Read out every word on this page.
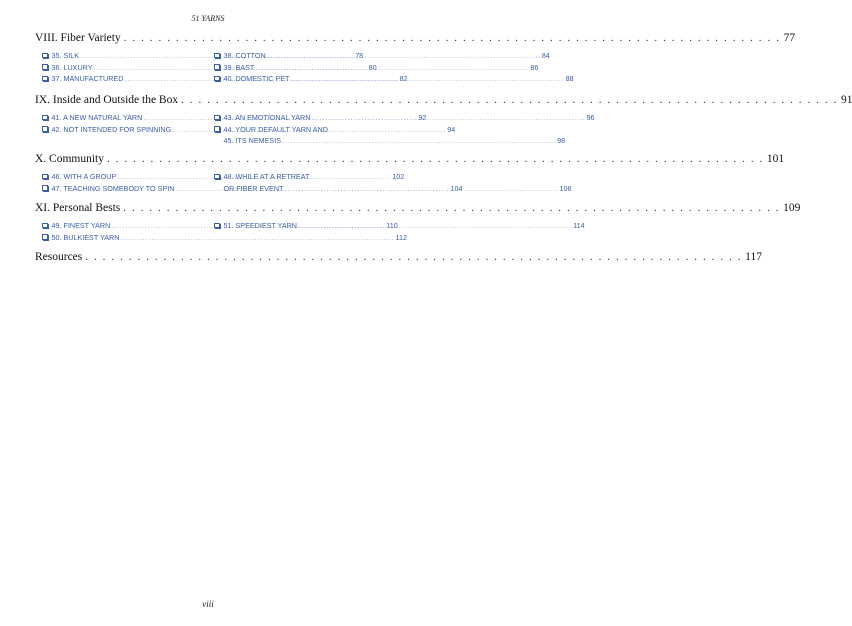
51 YARNS
VIII. Fiber Variety . . .	77
35. SILK .....	78
36. LUXURY .....	80
37. MANUFACTURED .....	82
38. COTTON .....	84
39. BAST .....	86
40. DOMESTIC PET .....	88
IX. Inside and Outside the Box . . .	91
41. A NEW NATURAL YARN .....	92
42. NOT INTENDED FOR SPINNING .....	94
43. AN EMOTIONAL YARN .....	96
44. YOUR DEFAULT YARN AND
45. ITS NEMESIS .....	98
X. Community . . .	101
46. WITH A GROUP .....	102
47. TEACHING SOMEBODY TO SPIN .....	104
48. WHILE AT A RETREAT
OR FIBER EVENT .....	106
XI. Personal Bests . . .	109
49. FINEST YARN .....	110
50. BULKIEST YARN .....	112
51. SPEEDIEST YARN .....	114
Resources . . .	117
viii
